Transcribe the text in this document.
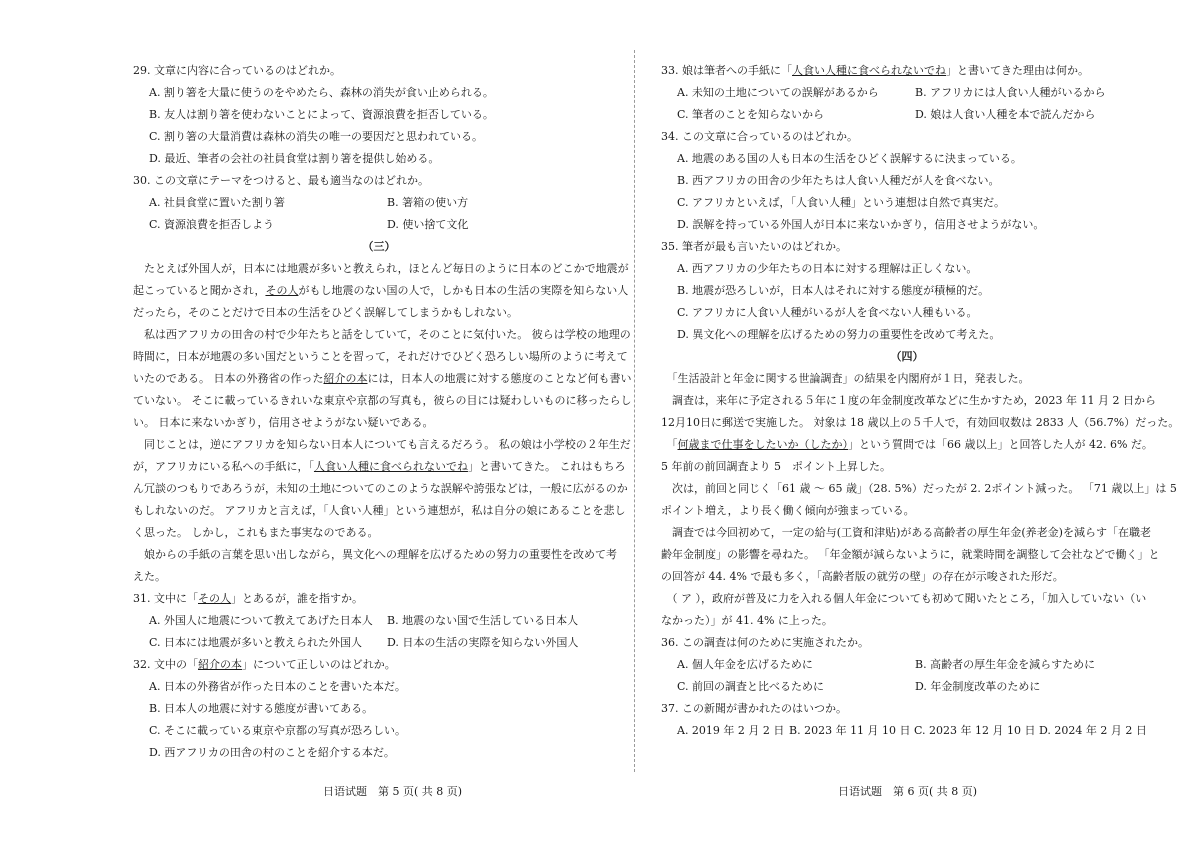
29. 文章に内容に合っているのはどれか。
A. 割り箸を大量に使うのをやめたら、森林の消失が食い止められる。
B. 友人は割り箸を使わないことによって、資源浪費を拒否している。
C. 割り箸の大量消費は森林の消失の唯一の要因だと思われている。
D. 最近、筆者の会社の社員食堂は割り箸を提供し始める。
30. この文章にテーマをつけると、最も適当なのはどれか。
A. 社員食堂に置いた割り箸	B. 箸箱の使い方
C. 資源浪費を拒否しよう	D. 使い捨て文化
（三）
　たとえば外国人が，日本には地震が多いと教えられ，ほとんど毎日のように日本のどこかで地震が
起こっていると聞かされ，その人がもし地震のない国の人で，しかも日本の生活の実際を知らない人
だったら，そのことだけで日本の生活をひどく誤解してしまうかもしれない。
　私は西アフリカの田舎の村で少年たちと話をしていて，そのことに気付いた。 彼らは学校の地理の
時間に，日本が地震の多い国だということを習って，それだけでひどく恐ろしい場所のように考えて
いたのである。 日本の外務省の作った紹介の本には，日本人の地震に対する態度のことなど何も書い
ていない。 そこに載っているきれいな東京や京都の写真も，彼らの目には疑わしいものに移ったらし
い。 日本に来ないかぎり，信用させようがない疑いである。
　同じことは，逆にアフリカを知らない日本人についても言えるだろう。 私の娘は小学校の２年生だ
が，アフリカにいる私への手紙に，「人食い人種に食べられないでね」と書いてきた。 これはもちろ
ん冗談のつもりであろうが，未知の土地についてのこのような誤解や誇張などは，一般に広がるのか
もしれないのだ。 アフリカと言えば，「人食い人種」という連想が，私は自分の娘にあることを悲し
く思った。 しかし，これもまた事実なのである。
　娘からの手紙の言葉を思い出しながら，異文化への理解を広げるための努力の重要性を改めて考
えた。
31. 文中に「その人」とあるが，誰を指すか。
A. 外国人に地震について教えてあげた日本人	B. 地震のない国で生活している日本人
C. 日本には地震が多いと教えられた外国人	D. 日本の生活の実際を知らない外国人
32. 文中の「紹介の本」について正しいのはどれか。
A. 日本の外務省が作った日本のことを書いた本だ。
B. 日本人の地震に対する態度が書いてある。
C. そこに載っている東京や京都の写真が恐ろしい。
D. 西アフリカの田舎の村のことを紹介する本だ。
33. 娘は筆者への手紙に「人食い人種に食べられないでね」と書いてきた理由は何か。
A. 未知の土地についての誤解があるから	B. アフリカには人食い人種がいるから
C. 筆者のことを知らないから	D. 娘は人食い人種を本で読んだから
34. この文章に合っているのはどれか。
A. 地震のある国の人も日本の生活をひどく誤解するに決まっている。
B. 西アフリカの田舎の少年たちは人食い人種だが人を食べない。
C. アフリカといえば，「人食い人種」という連想は自然で真実だ。
D. 誤解を持っている外国人が日本に来ないかぎり，信用させようがない。
35. 筆者が最も言いたいのはどれか。
A. 西アフリカの少年たちの日本に対する理解は正しくない。
B. 地震が恐ろしいが，日本人はそれに対する態度が積極的だ。
C. アフリカに人食い人種がいるが人を食べない人種もいる。
D. 異文化への理解を広げるための努力の重要性を改めて考えた。
（四）
　「生活設計と年金に関する世論調査」の結果を内閣府が１日，発表した。
　調査は，来年に予定される５年に１度の年金制度改革などに生かすため，2023 年 11 月 2 日から
12月10日に郵送で実施した。 対象は 18 歳以上の５千人で，有効回収数は 2833 人（56.7%）だった。
　「何歳まで仕事をしたいか（したか）」という質問では「66 歳以上」と回答した人が 42. 6% だ。
5 年前の前回調査より 5　ポイント上昇した。
　次は，前回と同じく「61 歳 ～ 65 歳」（28. 5%）だったが 2. 2ポイント減った。 「71 歳以上」は 5
ポイント増え，より長く働く傾向が強まっている。
　調査では今回初めて，一定の給与(工資和津贴)がある高齢者の厚生年金(养老金)を減らす「在職老
齢年金制度」の影響を尋ねた。 「年金額が減らないように，就業時間を調整して会社などで働く」と
の回答が 44. 4% で最も多く，「高齢者版の就労の壁」の存在が示唆された形だ。
　（ ア ），政府が普及に力を入れる個人年金についても初めて聞いたところ，「加入していない（い
なかった）」が 41. 4% に上った。
36. この調査は何のために実施されたか。
A. 個人年金を広げるために	B. 高齢者の厚生年金を減らすために
C. 前回の調査と比べるために	D. 年金制度改革のために
37. この新聞が書かれたのはいつか。
A. 2019 年 2 月 2 日 B. 2023 年 11 月 10 日 C. 2023 年 12 月 10 日 D. 2024 年 2 月 2 日
日语试题　第 5 页( 共 8 页)	日语试题　第 6 页( 共 8 页)
